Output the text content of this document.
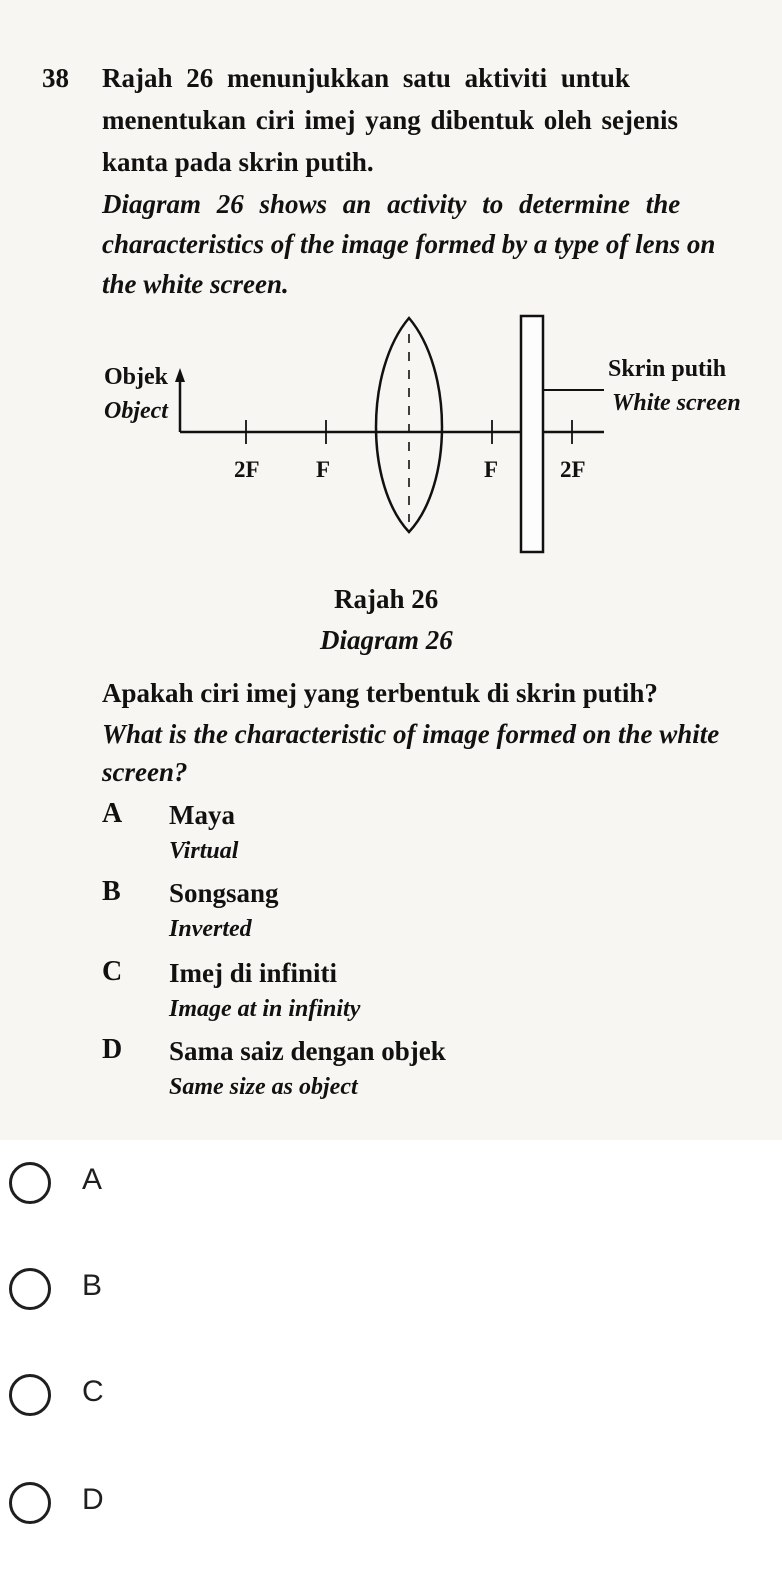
38 Rajah 26 menunjukkan satu aktiviti untuk
menentukan ciri imej yang dibentuk oleh sejenis
kanta pada skrin putih.
Diagram 26 shows an activity to determine the
characteristics of the image formed by a type of lens on
the white screen.
Objek
Object
Skrin putih
White screen
2F F	F	2F
Rajah 26
Diagram 26
Apakah ciri imej yang terbentuk di skrin putih?
What is the characteristic of image formed on the white
screen?
A Maya
Virtual
B Songsang
Inverted
C Imej di infiniti
Image at in infinity
D Sama saiz dengan objek
Same size as object
A
B
C
D
